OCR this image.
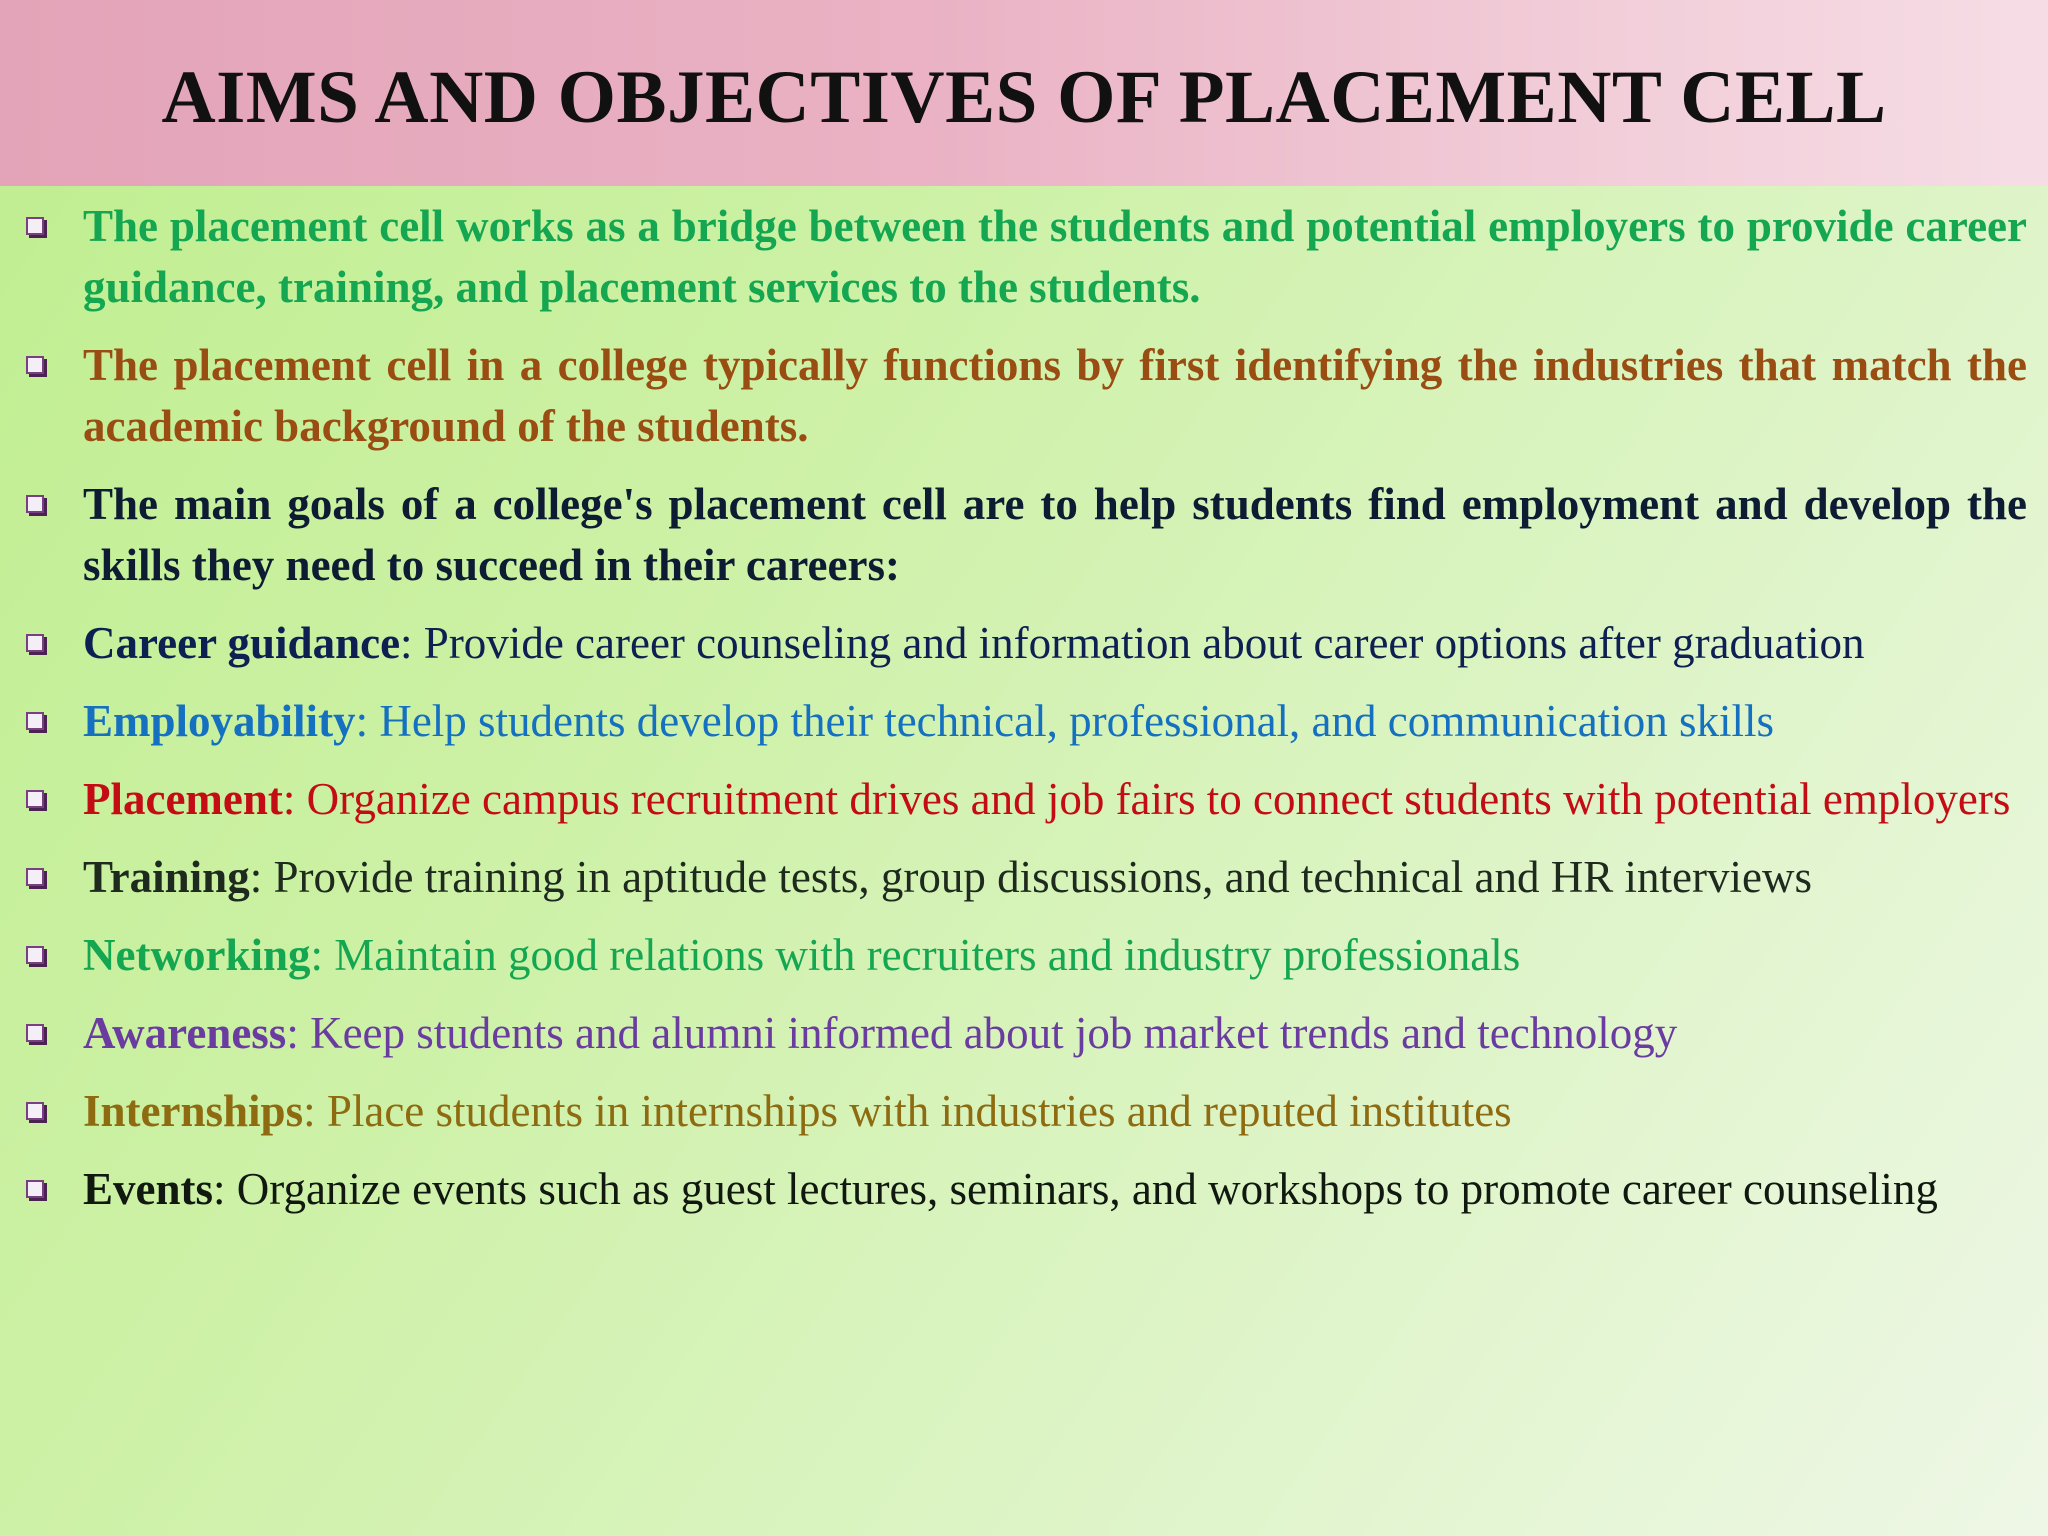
AIMS AND OBJECTIVES OF PLACEMENT CELL
The placement cell works as a bridge between the students and potential employers to provide career guidance, training, and placement services to the students.
The placement cell in a college typically functions by first identifying the industries that match the academic background of the students.
The main goals of a college's placement cell are to help students find employment and develop the skills they need to succeed in their careers:
Career guidance: Provide career counseling and information about career options after graduation
Employability: Help students develop their technical, professional, and communication skills
Placement: Organize campus recruitment drives and job fairs to connect students with potential employers
Training: Provide training in aptitude tests, group discussions, and technical and HR interviews
Networking: Maintain good relations with recruiters and industry professionals
Awareness: Keep students and alumni informed about job market trends and technology
Internships: Place students in internships with industries and reputed institutes
Events: Organize events such as guest lectures, seminars, and workshops to promote career counseling
